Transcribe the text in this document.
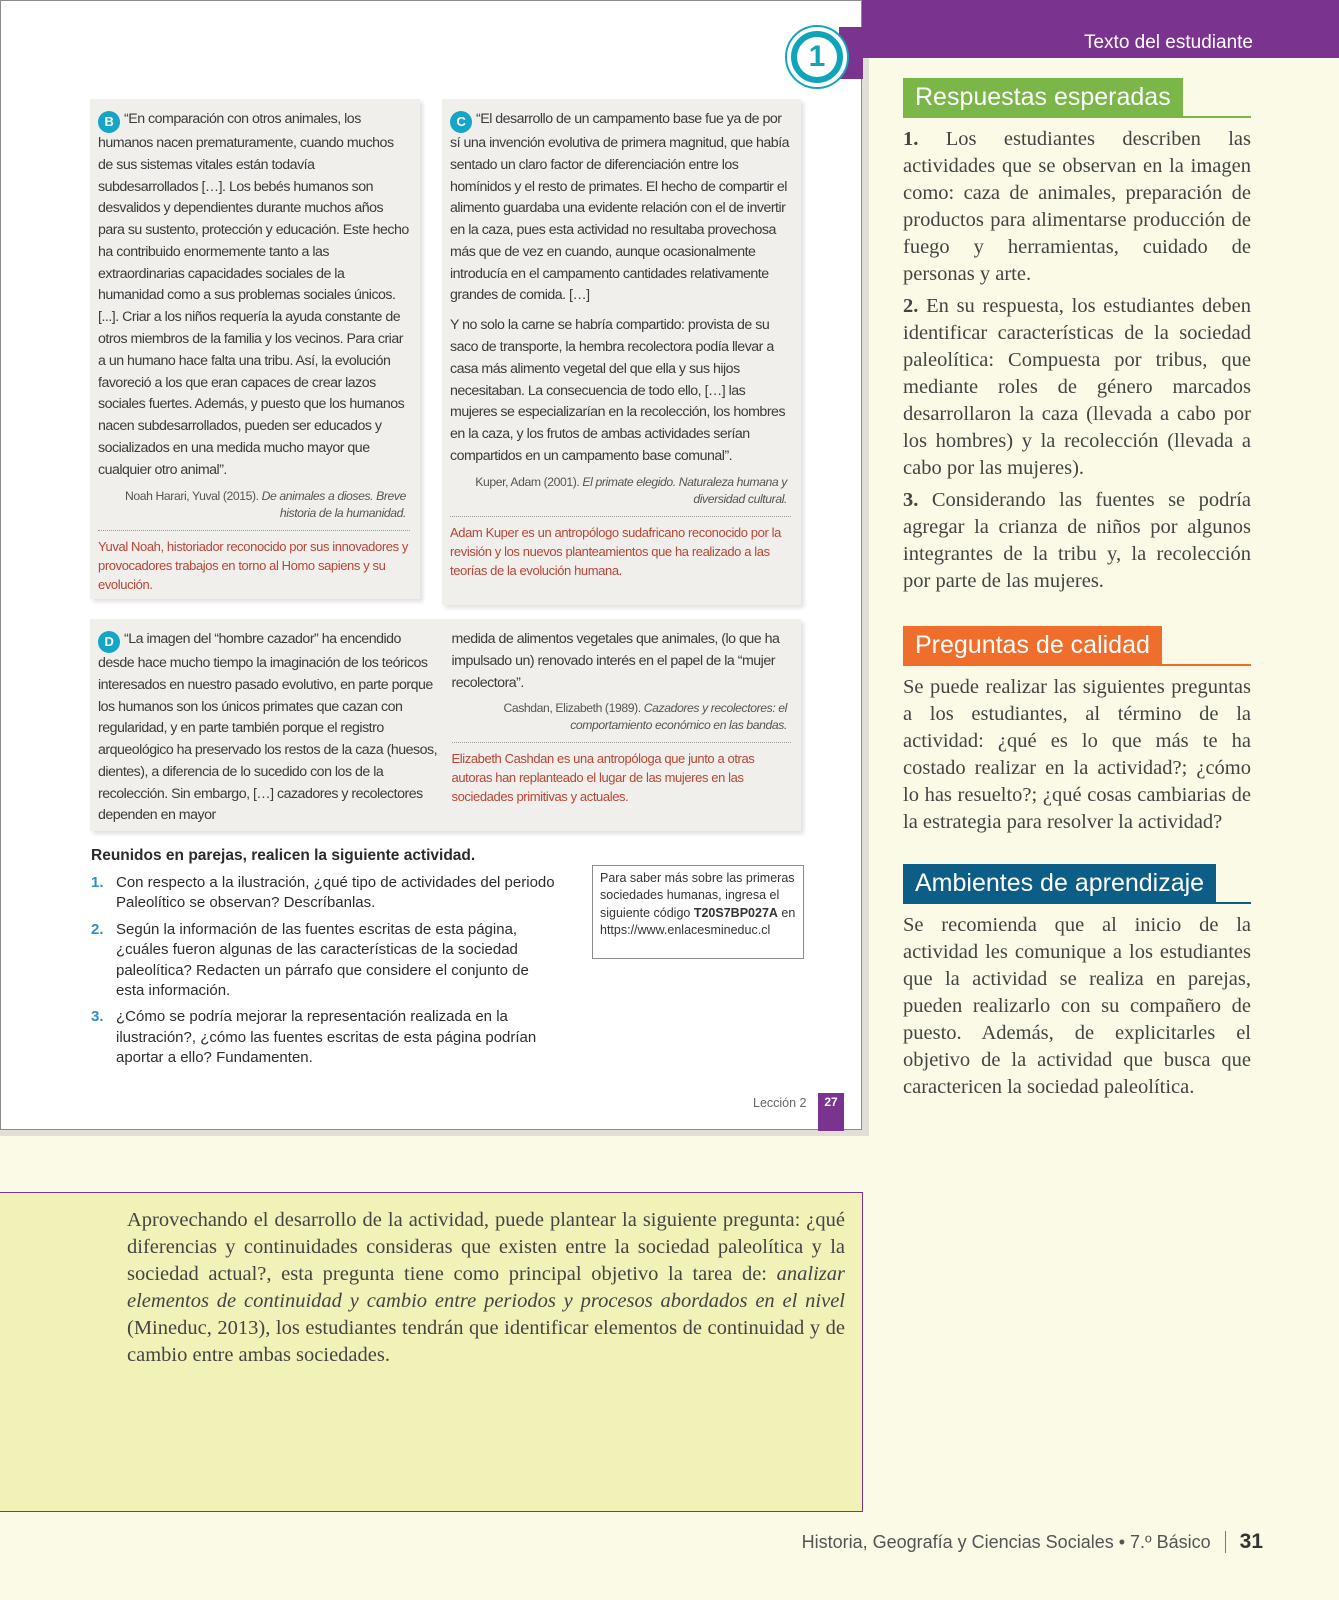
B “En comparación con otros animales, los humanos nacen prematuramente, cuando muchos de sus sistemas vitales están todavía subdesarrollados […]. Los bebés humanos son desvalidos y dependientes durante muchos años para su sustento, protección y educación. Este hecho ha contribuido enormemente tanto a las extraordinarias capacidades sociales de la humanidad como a sus problemas sociales únicos. [...]. Criar a los niños requería la ayuda constante de otros miembros de la familia y los vecinos. Para criar a un humano hace falta una tribu. Así, la evolución favoreció a los que eran capaces de crear lazos sociales fuertes. Además, y puesto que los humanos nacen subdesarrollados, pueden ser educados y socializados en una medida mucho mayor que cualquier otro animal”.
Noah Harari, Yuval (2015). De animales a dioses. Breve historia de la humanidad.
Yuval Noah, historiador reconocido por sus innovadores y provocadores trabajos en torno al Homo sapiens y su evolución.

C “El desarrollo de un campamento base fue ya de por sí una invención evolutiva de primera magnitud, que había sentado un claro factor de diferenciación entre los homínidos y el resto de primates. El hecho de compartir el alimento guardaba una evidente relación con el de invertir en la caza, pues esta actividad no resultaba provechosa más que de vez en cuando, aunque ocasionalmente introducía en el campamento cantidades relativamente grandes de comida. […]

Y no solo la carne se habría compartido: provista de su saco de transporte, la hembra recolectora podía llevar a casa más alimento vegetal del que ella y sus hijos necesitaban. La consecuencia de todo ello, […] las mujeres se especializarían en la recolección, los hombres en la caza, y los frutos de ambas actividades serían compartidos en un campamento base comunal”.

Kuper, Adam (2001). El primate elegido. Naturaleza humana y diversidad cultural.
Adam Kuper es un antropólogo sudafricano reconocido por la revisión y los nuevos planteamientos que ha realizado a las teorías de la evolución humana.
D “La imagen del “hombre cazador” ha encendido desde hace mucho tiempo la imaginación de los teóricos interesados en nuestro pasado evolutivo, en parte porque los humanos son los únicos primates que cazan con regularidad, y en parte también porque el registro arqueológico ha preservado los restos de la caza (huesos, dientes), a diferencia de lo sucedido con los de la recolección. Sin embargo, […] cazadores y recolectores dependen en mayor
medida de alimentos vegetales que animales, (lo que ha impulsado un) renovado interés en el papel de la “mujer recolectora”.
Cashdan, Elizabeth (1989). Cazadores y recolectores: el comportamiento económico en las bandas.
Elizabeth Cashdan es una antropóloga que junto a otras autoras han replanteado el lugar de las mujeres en las sociedades primitivas y actuales.
Reunidos en parejas, realicen la siguiente actividad.
1. Con respecto a la ilustración, ¿qué tipo de actividades del periodo Paleolítico se observan? Descríbanlas.
2. Según la información de las fuentes escritas de esta página, ¿cuáles fueron algunas de las características de la sociedad paleolítica? Redacten un párrafo que considere el conjunto de esta información.
3. ¿Cómo se podría mejorar la representación realizada en la ilustración?, ¿cómo las fuentes escritas de esta página podrían aportar a ello? Fundamenten.
Para saber más sobre las primeras sociedades humanas, ingresa el siguiente código T20S7BP027A en https://www.enlacesmineduc.cl
Lección 2	27
1	Texto del estudiante
Respuestas esperadas

1. Los estudiantes describen las actividades que se observan en la imagen como: caza de animales, preparación de productos para alimentarse producción de fuego y herramientas, cuidado de personas y arte.

2. En su respuesta, los estudiantes deben identificar características de la sociedad paleolítica: Compuesta por tribus, que mediante roles de género marcados desarrollaron la caza (llevada a cabo por los hombres) y la recolección (llevada a cabo por las mujeres).

3. Considerando las fuentes se podría agregar la crianza de niños por algunos integrantes de la tribu y, la recolección por parte de las mujeres.

Preguntas de calidad
Se puede realizar las siguientes preguntas a los estudiantes, al término de la actividad: ¿qué es lo que más te ha costado realizar en la actividad?; ¿cómo lo has resuelto?; ¿qué cosas cambiarias de la estrategia para resolver la actividad?
Ambientes de aprendizaje
Se recomienda que al inicio de la actividad les comunique a los estudiantes que la actividad se realiza en parejas, pueden realizarlo con su compañero de puesto. Además, de explicitarles el objetivo de la actividad que busca que caractericen la sociedad paleolítica.
Aprovechando el desarrollo de la actividad, puede plantear la siguiente pregunta: ¿qué diferencias y continuidades consideras que existen entre la sociedad paleolítica y la sociedad actual?, esta pregunta tiene como principal objetivo la tarea de: analizar elementos de continuidad y cambio entre periodos y procesos abordados en el nivel (Mineduc, 2013), los estudiantes tendrán que identificar elementos de continuidad y de cambio entre ambas sociedades.
Historia, Geografía y Ciencias Sociales • 7.º Básico 31
